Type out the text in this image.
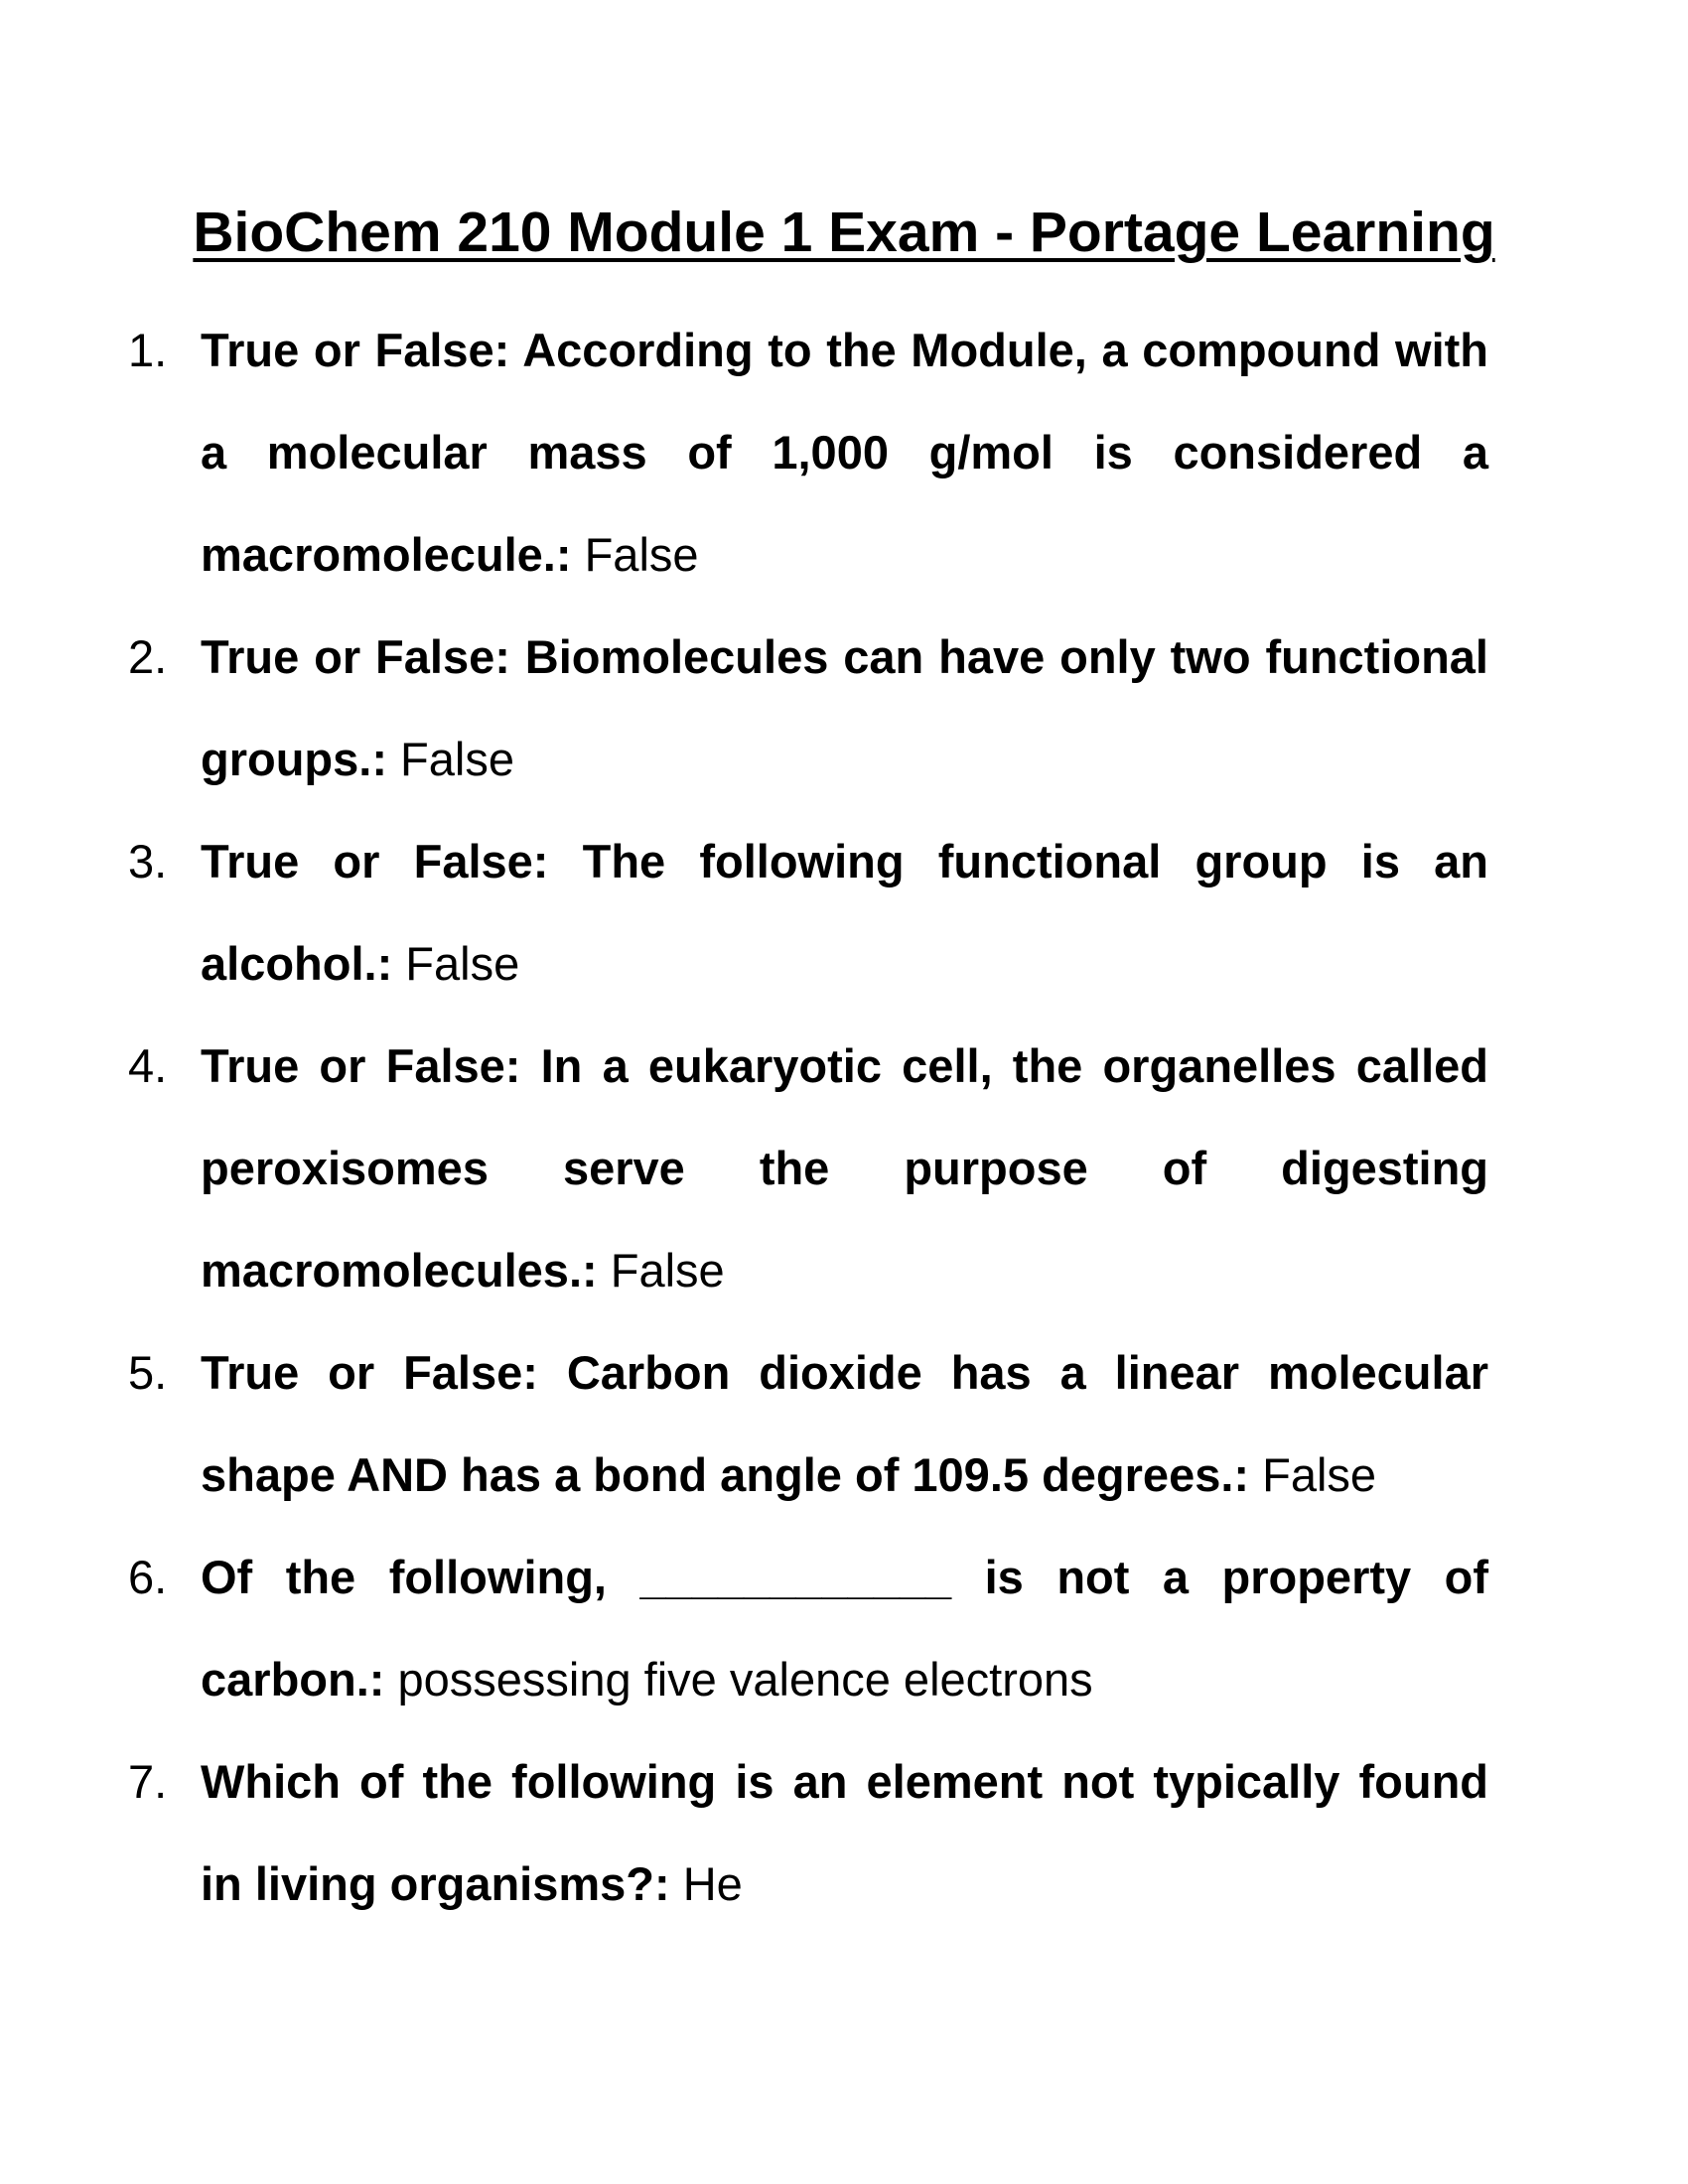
BioChem 210 Module 1 Exam - Portage Learning
1. True or False: According to the Module, a compound with a molecular mass of 1,000 g/mol is considered a macromolecule.: False
2. True or False: Biomolecules can have only two functional groups.: False
3. True or False: The following functional group is an alcohol.: False
4. True or False: In a eukaryotic cell, the organelles called peroxisomes serve the purpose of digesting macromolecules.: False
5. True or False: Carbon dioxide has a linear molecular shape AND has a bond angle of 109.5 degrees.: False
6. Of the following, ____________ is not a property of carbon.: possessing five valence electrons
7. Which of the following is an element not typically found in living organisms?: He
